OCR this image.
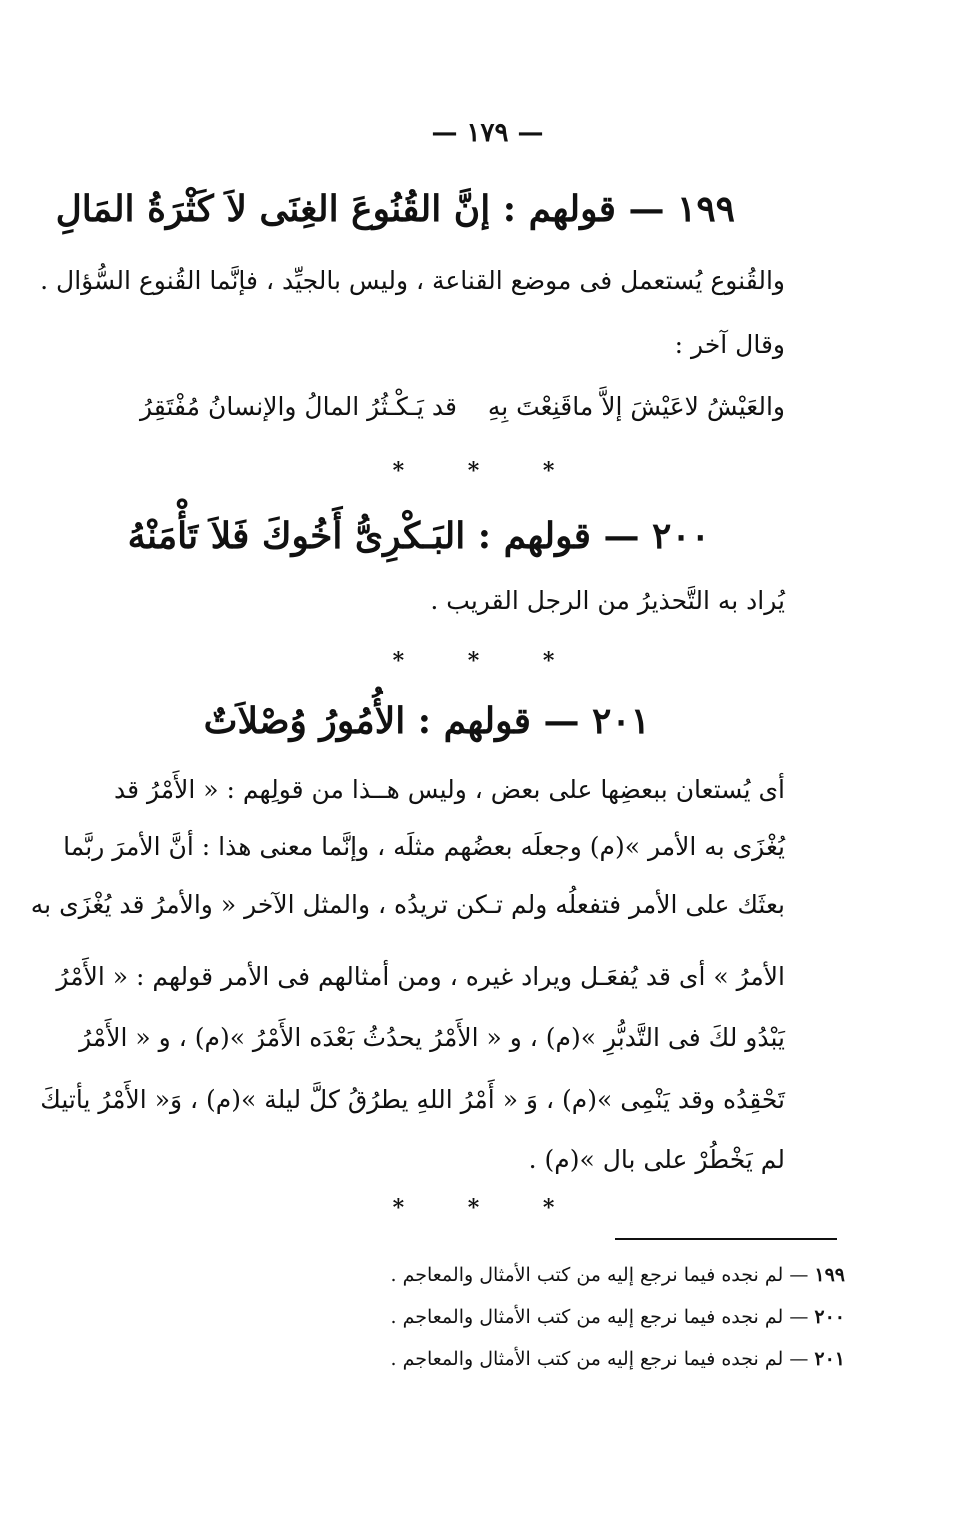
— ١٧٩ —
١٩٩ — قولهم : إنَّ القُنُوعَ الغِنَى لاَ كَثْرَةُ المَالِ
والقُنوع يُستعمل فى موضع القناعة ، وليس بالجيِّد ، فإنَّما القُنوع السُّؤال .
وقال آخر :
والعَيْشُ لاعَيْشَ إلاَّ ماقَنِعْتَ بِهِ
قد يَـكْـثُرُ المالُ والإنسانُ مُفْتَقِرُ
* * *
٢٠٠ — قولهم : البَـكْرِىُّ أَخُوكَ فَلاَ تَأْمَنْهُ
يُراد به التَّحذيرُ من الرجل القريب .
* * *
٢٠١ — قولهم : الأُمُورُ وُصْلاَتٌ
أى يُستعان ببعضِها على بعض ، وليس هــذا من قولِهم : « الأَمْرُ قد
يُغْزَى به الأمر »(م) وجعلَه بعضُهم مثلَه ، وإنَّما معنى هذا : أنَّ الأمرَ ربَّما
بعثَك على الأمر فتفعلُه ولم تـكن تريدُه ، والمثل الآخر « والأمرُ قد يُغْزَى به
الأمرُ » أى قد يُفعَـل ويراد غيره ، ومن أمثالهم فى الأمر قولهم : « الأَمْرُ
يَبْدُو لكَ فى التَّدبُّرِ »(م) ، و « الأَمْرُ يحدُثُ بَعْدَه الأَمْرُ »(م) ، و « الأَمْرُ
تَحْقِدُه وقد يَنْمِى »(م) ، وَ « أَمْرُ اللهِ يطرُقُ كلَّ ليلة »(م) ، وَ« الأَمْرُ يأتيكَ
لم يَخْطُرْ على بال »(م) .
* * *
١٩٩ — لم نجده فيما نرجع إليه من كتب الأمثال والمعاجم .
٢٠٠ — لم نجده فيما نرجع إليه من كتب الأمثال والمعاجم .
٢٠١ — لم نجده فيما نرجع إليه من كتب الأمثال والمعاجم .
